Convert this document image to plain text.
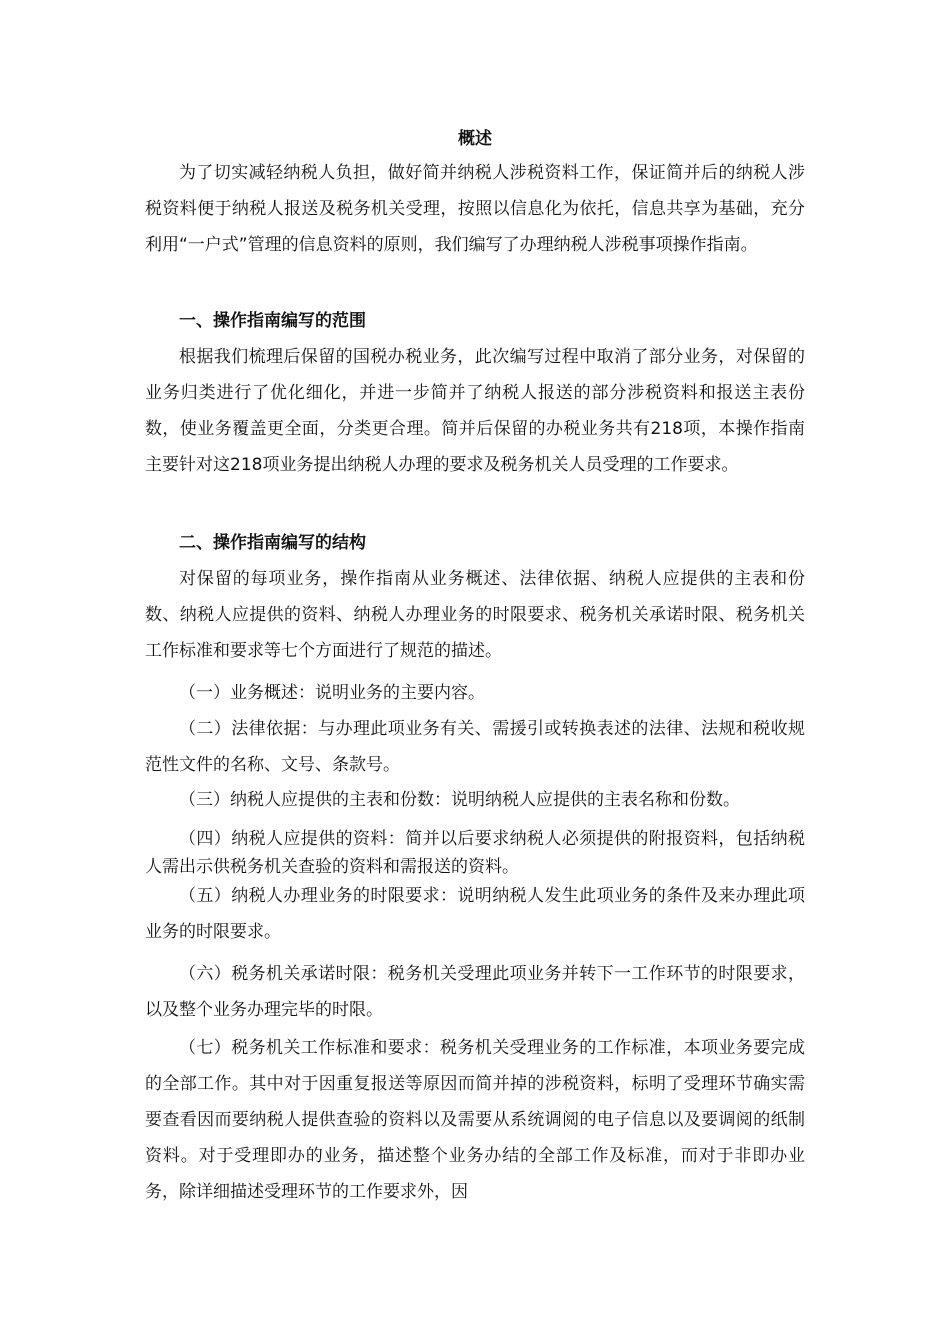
概述
为了切实减轻纳税人负担，做好简并纳税人涉税资料工作，保证简并后的纳税人涉税资料便于纳税人报送及税务机关受理，按照以信息化为依托，信息共享为基础，充分利用“一户式”管理的信息资料的原则，我们编写了办理纳税人涉税事项操作指南。
一、操作指南编写的范围
根据我们梳理后保留的国税办税业务，此次编写过程中取消了部分业务，对保留的业务归类进行了优化细化，并进一步简并了纳税人报送的部分涉税资料和报送主表份数，使业务覆盖更全面，分类更合理。简并后保留的办税业务共有218项，本操作指南主要针对这218项业务提出纳税人办理的要求及税务机关人员受理的工作要求。
二、操作指南编写的结构
对保留的每项业务，操作指南从业务概述、法律依据、纳税人应提供的主表和份数、纳税人应提供的资料、纳税人办理业务的时限要求、税务机关承诺时限、税务机关工作标准和要求等七个方面进行了规范的描述。
（一）业务概述：说明业务的主要内容。
（二）法律依据：与办理此项业务有关、需援引或转换表述的法律、法规和税收规范性文件的名称、文号、条款号。
（三）纳税人应提供的主表和份数：说明纳税人应提供的主表名称和份数。
（四）纳税人应提供的资料：简并以后要求纳税人必须提供的附报资料，包括纳税人需出示供税务机关查验的资料和需报送的资料。
（五）纳税人办理业务的时限要求：说明纳税人发生此项业务的条件及来办理此项业务的时限要求。
（六）税务机关承诺时限：税务机关受理此项业务并转下一工作环节的时限要求，以及整个业务办理完毕的时限。
（七）税务机关工作标准和要求：税务机关受理业务的工作标准，本项业务要完成的全部工作。其中对于因重复报送等原因而简并掉的涉税资料，标明了受理环节确实需要查看因而要纳税人提供查验的资料以及需要从系统调阅的电子信息以及要调阅的纸制资料。对于受理即办的业务，描述整个业务办结的全部工作及标准，而对于非即办业务，除详细描述受理环节的工作要求外，因
